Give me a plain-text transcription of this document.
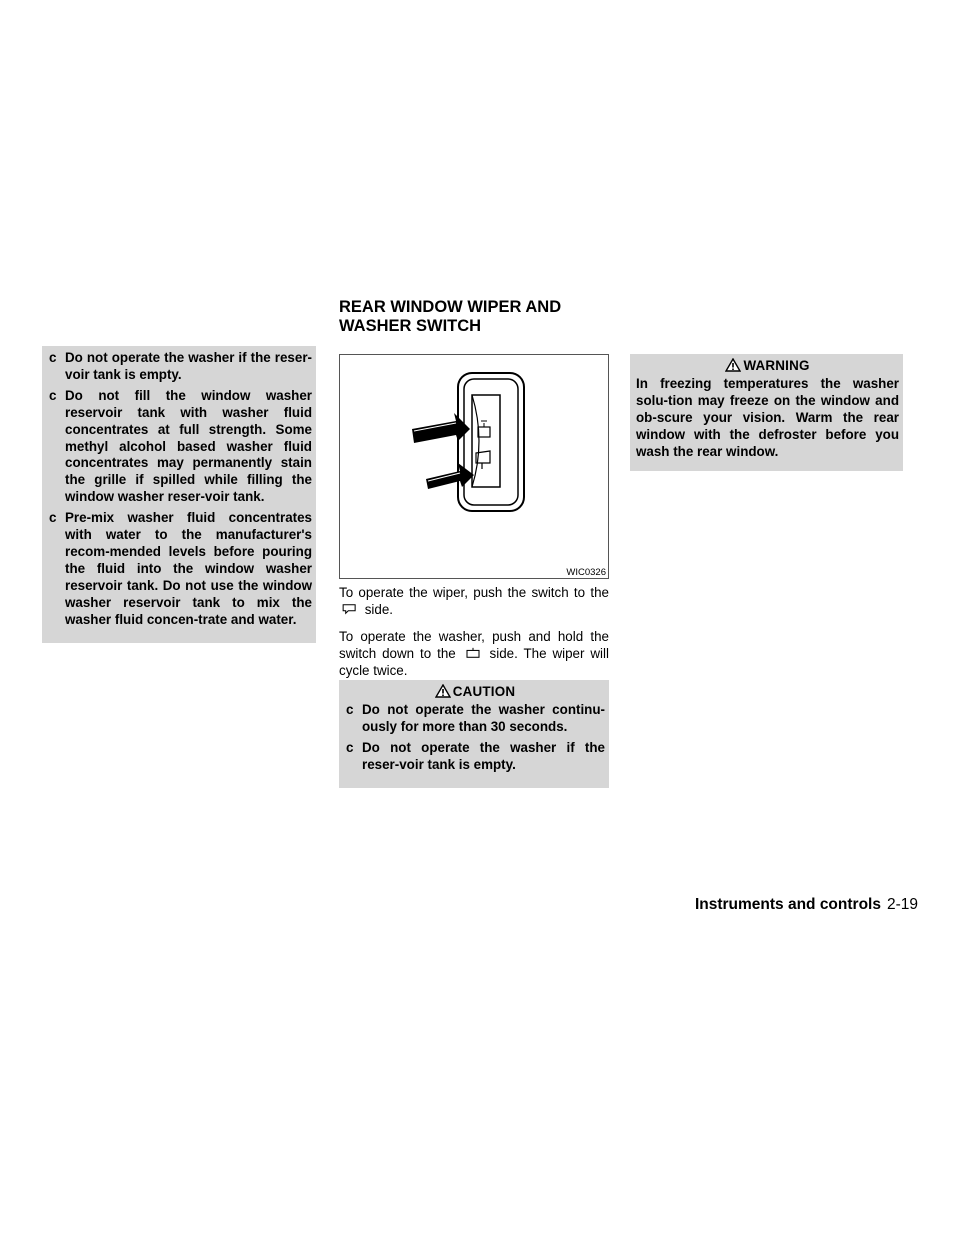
c Do not operate the washer if the reser-voir tank is empty.
c Do not fill the window washer reservoir tank with washer fluid concentrates at full strength. Some methyl alcohol based washer fluid concentrates may permanently stain the grille if spilled while filling the window washer reser-voir tank.
c Pre-mix washer fluid concentrates with water to the manufacturer's recom-mended levels before pouring the fluid into the window washer reservoir tank. Do not use the window washer reservoir tank to mix the washer fluid concen-trate and water.
REAR WINDOW WIPER AND
WASHER SWITCH
WIC0326

To operate the wiper, push the switch to the  side.

To operate the washer, push and hold the switch down to the	side. The wiper will cycle twice.

CAUTION
c Do not operate the washer continu-ously for more than 30 seconds.
c Do not operate the washer if the reser-voir tank is empty.
WARNING

In freezing temperatures the washer solu-tion may freeze on the window and ob-scure your vision. Warm the rear window with the defroster before you wash the rear window.

Instruments and controls 2-19
